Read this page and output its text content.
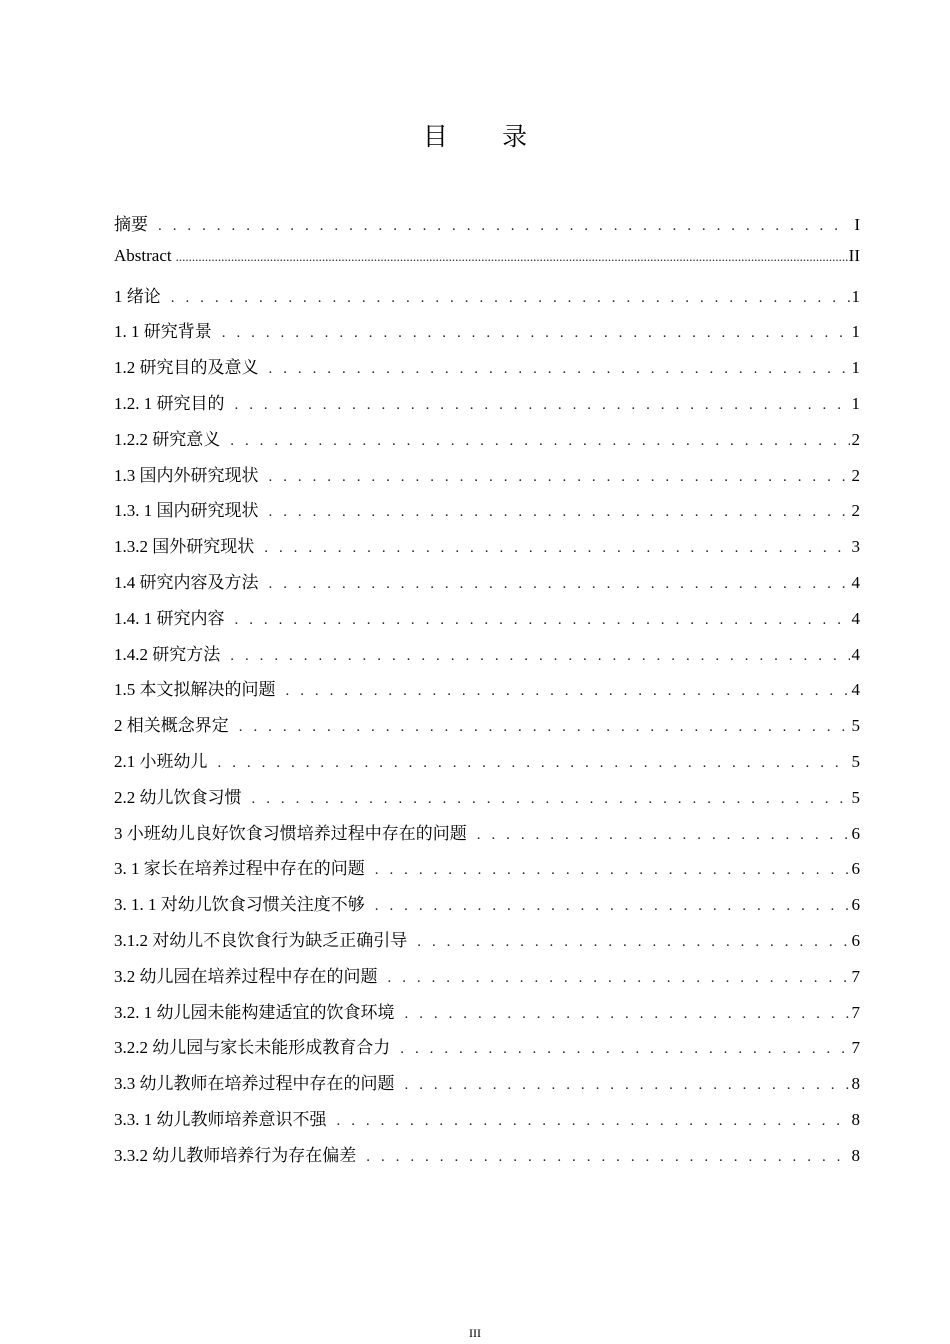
目 录
摘要 . . .	I
Abstract .....	II
1 绪论 . . .	1
1. 1 研究背景 . . .	1
1.2 研究目的及意义 . . .	1
1.2. 1 研究目的 . . .	1
1.2.2 研究意义 . . .	2
1.3 国内外研究现状 . . .	2
1.3. 1 国内研究现状 . . .	2
1.3.2 国外研究现状 . . .	3
1.4 研究内容及方法 . . .	4
1.4. 1 研究内容 . . .	4
1.4.2 研究方法 . . .	4
1.5 本文拟解决的问题 . . .	4
2 相关概念界定 . . .	5
2.1 小班幼儿 . . .	5
2.2 幼儿饮食习惯 . . .	5
3 小班幼儿良好饮食习惯培养过程中存在的问题 . . .	6
3. 1 家长在培养过程中存在的问题 . . .	6
3. 1. 1 对幼儿饮食习惯关注度不够 . . .	6
3.1.2 对幼儿不良饮食行为缺乏正确引导 . . .	6
3.2 幼儿园在培养过程中存在的问题 . . .	7
3.2. 1 幼儿园未能构建适宜的饮食环境 . . .	7
3.2.2 幼儿园与家长未能形成教育合力 . . .	7
3.3 幼儿教师在培养过程中存在的问题 . . .	8
3.3. 1 幼儿教师培养意识不强 . . .	8
3.3.2 幼儿教师培养行为存在偏差 . . .	8
III
